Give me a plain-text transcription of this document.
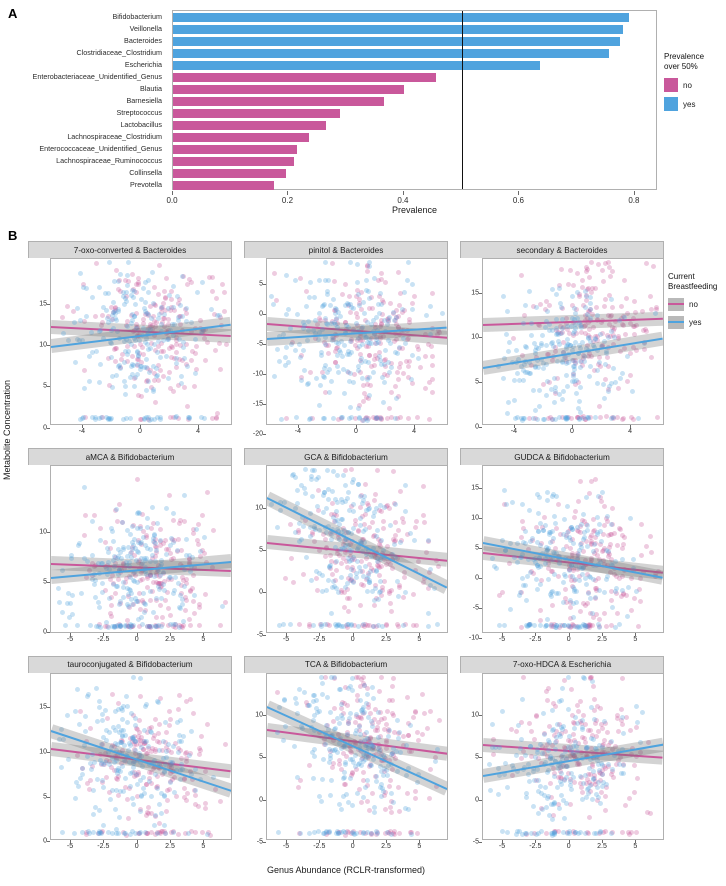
A	Bifidobacterium
Veillonella
Bacteroides
Clostridiaceae_Clostridium
Escherichia
Enterobacteriaceae_Unidentified_Genus
Blautia
Barnesiella
Streptococcus
Lactobacillus
Lachnospiraceae_Clostridium
Enterococcaceae_Unidentified_Genus
Lachnospiraceae_Ruminococcus
Collinsella
Prevotella
0.0	0.2	0.4	0.6	0.8
Prevalence
Prevalence
over 50%
no
yes
B
Metabolite Concentration
7-oxo-converted & Bacteroides
0
5
10
15
-4	0	4
pinitol & Bacteroides
5
0
-5
-10
-15
-20	-4	0	4
secondary & Bacteroides
0
5
10
15
-4	0	4
aMCA & Bifidobacterium
0
5
10
-5	-2.5	0	2.5	5
GCA & Bifidobacterium
-5
0
5
10
-5	-2.5	0	2.5	5
GUDCA & Bifidobacterium
-10
-5
0
5
10
15
-5	-2.5	0	2.5	5
tauroconjugated & Bifidobacterium
0
5
10
15
-5	-2.5	0	2.5	5
TCA & Bifidobacterium
-5
0
5
10
-5	-2.5	0	2.5	5
7-oxo-HDCA & Escherichia
-5
0
5
10
-5	-2.5	0	2.5	5
Genus Abundance (RCLR-transformed)
Current
Breastfeeding
no
yes
